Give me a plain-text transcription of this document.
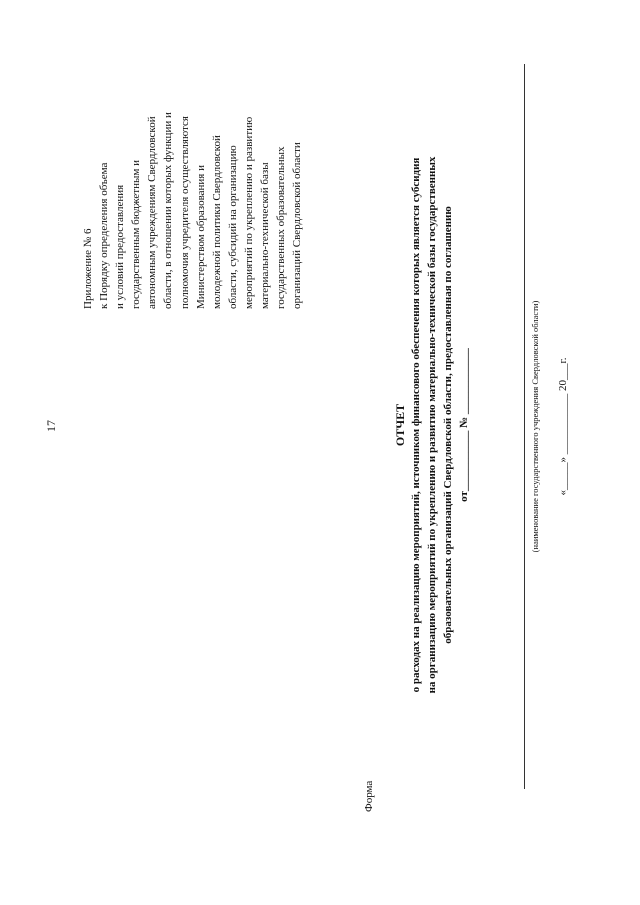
17
Приложение № 6 к Порядку определения объема и условий предоставления государственным бюджетным и автономным учреждениям Свердловской области, в отношении которых функции и полномочия учредителя осуществляются Министерством образования и молодежной политики Свердловской области, субсидий на организацию мероприятий по укреплению и развитию материально-технической базы государственных образовательных организаций Свердловской области
Форма
ОТЧЕТ о расходах на реализацию мероприятий, источником финансового обеспечения которых является субсидия на организацию мероприятий по укреплению и развитию материально-технической базы государственных образовательных организаций Свердловской области, предоставленная по соглашению от___________ № ____________	(наименование государственного учреждения Свердловской области) «_____» ___________ 20___г.
